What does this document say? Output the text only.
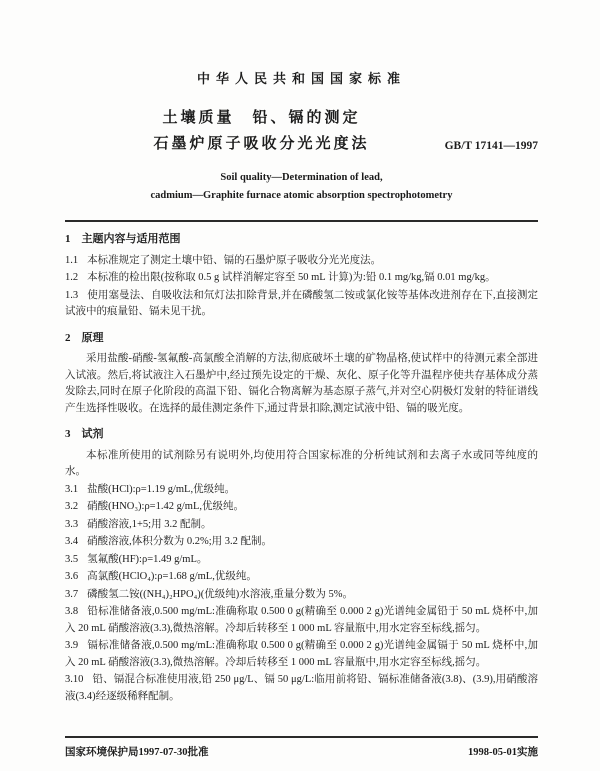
中华人民共和国国家标准
土壤质量　铅、镉的测定
石墨炉原子吸收分光光度法	GB/T 17141—1997
Soil quality—Determination of lead,
cadmium—Graphite furnace atomic absorption spectrophotometry
1　主题内容与适用范围

1.1 本标准规定了测定土壤中铅、镉的石墨炉原子吸收分光光度法。

1.2 本标准的检出限(按称取 0.5 g 试样消解定容至 50 mL 计算)为:铅 0.1 mg/kg,镉 0.01 mg/kg。

1.3 使用塞曼法、自吸收法和氘灯法扣除背景,并在磷酸氢二铵或氯化铵等基体改进剂存在下,直接测定试液中的痕量铅、镉未见干扰。

2　原理

采用盐酸-硝酸-氢氟酸-高氯酸全消解的方法,彻底破坏土壤的矿物晶格,使试样中的待测元素全部进入试液。然后,将试液注入石墨炉中,经过预先设定的干燥、灰化、原子化等升温程序使共存基体成分蒸发除去,同时在原子化阶段的高温下铅、镉化合物离解为基态原子蒸气,并对空心阴极灯发射的特征谱线产生选择性吸收。在选择的最佳测定条件下,通过背景扣除,测定试液中铅、镉的吸光度。

3　试剂

本标准所使用的试剂除另有说明外,均使用符合国家标准的分析纯试剂和去离子水或同等纯度的水。

3.1 盐酸(HCl):ρ=1.19 g/mL,优级纯。

3.2 硝酸(HNO₃):ρ=1.42 g/mL,优级纯。

3.3 硝酸溶液,1+5;用 3.2 配制。

3.4 硝酸溶液,体积分数为 0.2%;用 3.2 配制。

3.5 氢氟酸(HF):ρ=1.49 g/mL。

3.6 高氯酸(HClO₄):ρ=1.68 g/mL,优级纯。

3.7 磷酸氢二铵((NH₄)₂HPO₄)(优级纯)水溶液,重量分数为 5%。

3.8 铅标准储备液,0.500 mg/mL:准确称取 0.500 0 g(精确至 0.000 2 g)光谱纯金属铅于 50 mL 烧杯中,加入 20 mL 硝酸溶液(3.3),微热溶解。冷却后转移至 1 000 mL 容量瓶中,用水定容至标线,摇匀。

3.9 镉标准储备液,0.500 mg/mL:准确称取 0.500 0 g(精确至 0.000 2 g)光谱纯金属镉于 50 mL 烧杯中,加入 20 mL 硝酸溶液(3.3),微热溶解。冷却后转移至 1 000 mL 容量瓶中,用水定容至标线,摇匀。

3.10 铅、镉混合标准使用液,铅 250 μg/L、镉 50 μg/L:临用前将铅、镉标准储备液(3.8)、(3.9),用硝酸溶液(3.4)经逐级稀释配制。

国家环境保护局1997-07-30批准	1998-05-01实施
